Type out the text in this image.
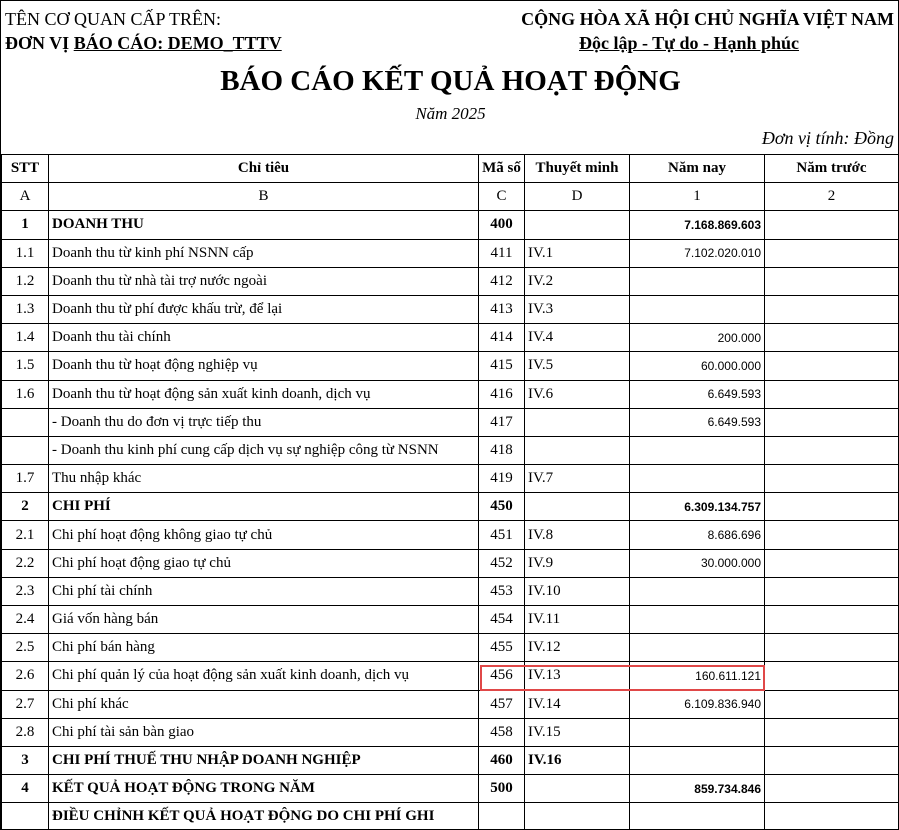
TÊN CƠ QUAN CẤP TRÊN:
ĐƠN VỊ BÁO CÁO: DEMO_TTTV
CỘNG HÒA XÃ HỘI CHỦ NGHĨA VIỆT NAM
Độc lập - Tự do - Hạnh phúc
BÁO CÁO KẾT QUẢ HOẠT ĐỘNG
Năm 2025
Đơn vị tính: Đồng
STT	Chỉ tiêu	Mã số	Thuyết minh	Năm nay	Năm trước
A	B	C	D	1	2
1	DOANH THU	400		7.168.869.603	
1.1	Doanh thu từ kinh phí NSNN cấp	411	IV.1	7.102.020.010	
1.2	Doanh thu từ nhà tài trợ nước ngoài	412	IV.2		
1.3	Doanh thu từ phí được khấu trừ, để lại	413	IV.3		
1.4	Doanh thu tài chính	414	IV.4	200.000	
1.5	Doanh thu từ hoạt động nghiệp vụ	415	IV.5	60.000.000	
1.6	Doanh thu từ hoạt động sản xuất kinh doanh, dịch vụ	416	IV.6	6.649.593	
	- Doanh thu do đơn vị trực tiếp thu	417		6.649.593	
	- Doanh thu kinh phí cung cấp dịch vụ sự nghiệp công từ NSNN	418			
1.7	Thu nhập khác	419	IV.7		
2	CHI PHÍ	450		6.309.134.757	
2.1	Chi phí hoạt động không giao tự chủ	451	IV.8	8.686.696	
2.2	Chi phí hoạt động giao tự chủ	452	IV.9	30.000.000	
2.3	Chi phí tài chính	453	IV.10		
2.4	Giá vốn hàng bán	454	IV.11		
2.5	Chi phí bán hàng	455	IV.12		
2.6	Chi phí quản lý của hoạt động sản xuất kinh doanh, dịch vụ	456	IV.13	160.611.121	
2.7	Chi phí khác	457	IV.14	6.109.836.940	
2.8	Chi phí tài sản bàn giao	458	IV.15		
3	CHI PHÍ THUẾ THU NHẬP DOANH NGHIỆP	460	IV.16		
4	KẾT QUẢ HOẠT ĐỘNG TRONG NĂM	500		859.734.846	
	ĐIỀU CHỈNH KẾT QUẢ HOẠT ĐỘNG DO CHI PHÍ GHI				
